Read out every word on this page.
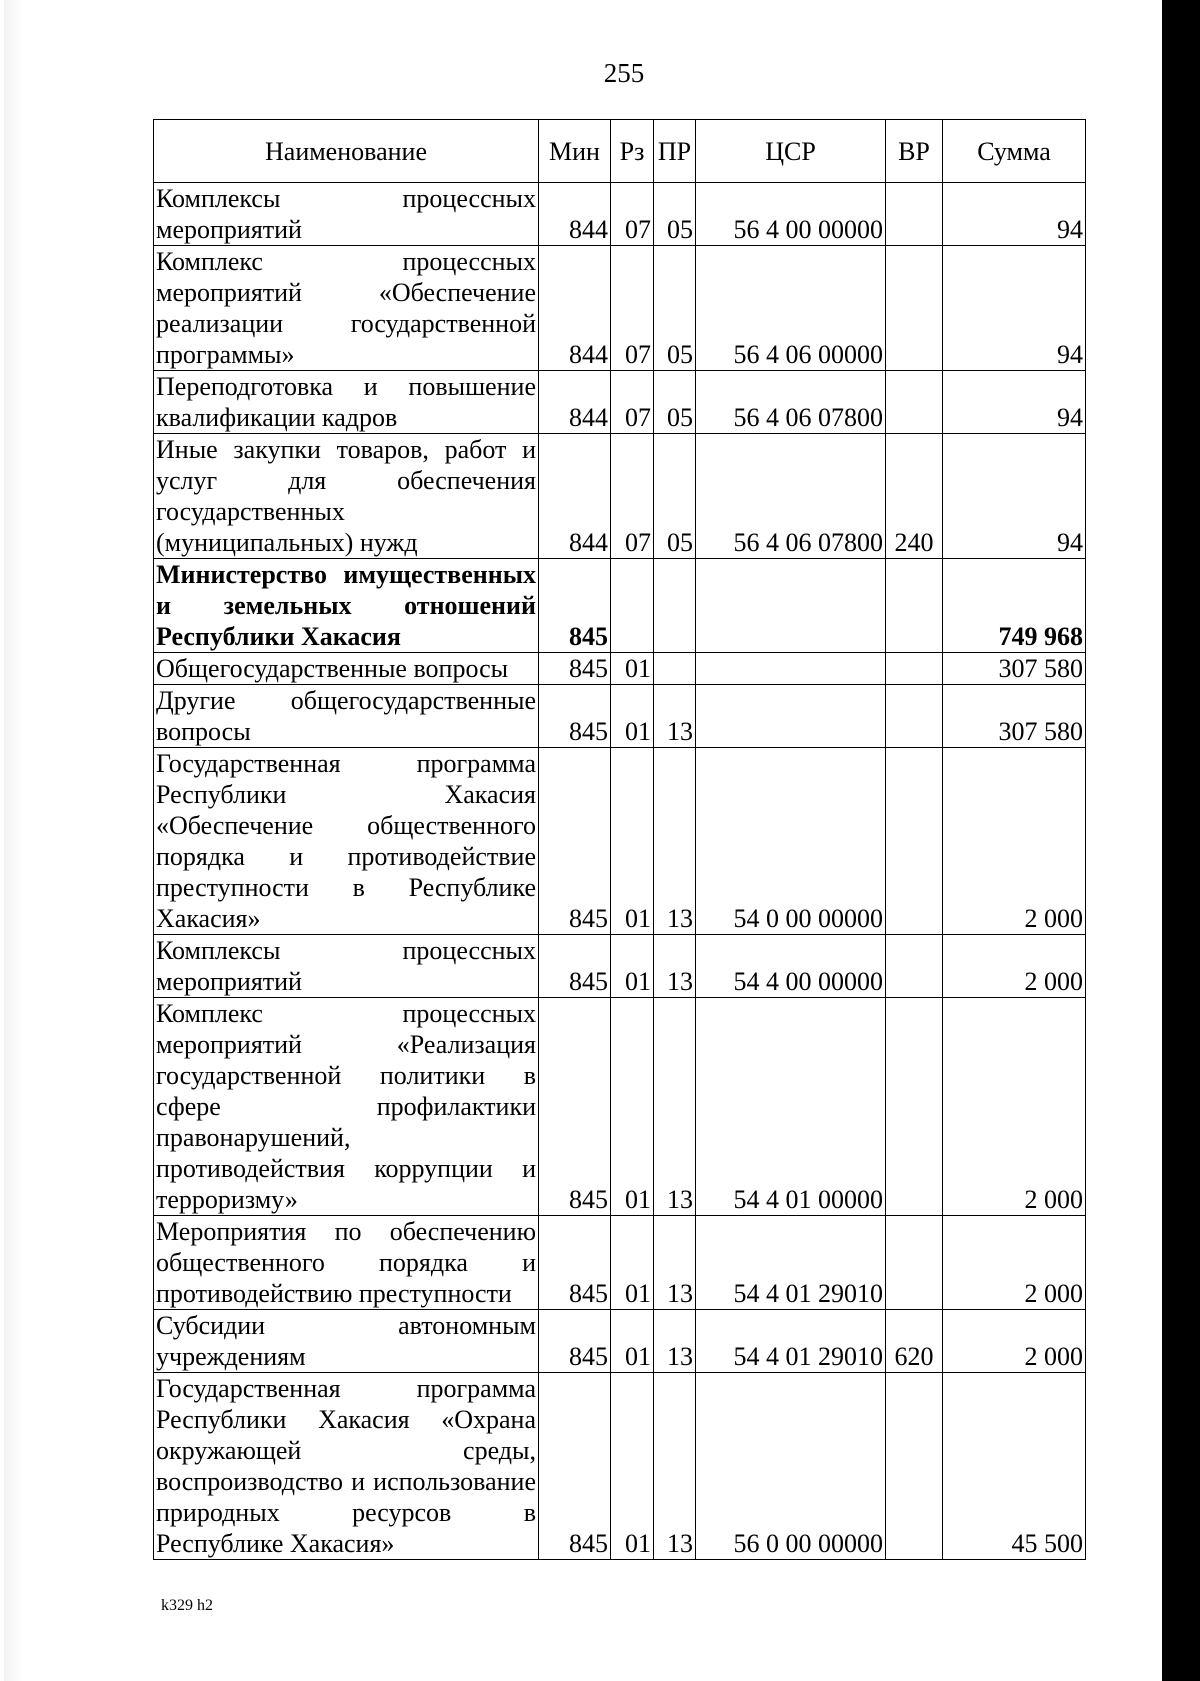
255
Наименование	Мин	Рз	ПР	ЦСР	ВР	Сумма
Комплексы процессных мероприятий	844	07	05	56 4 00 00000		94
Комплекс процессных мероприятий «Обеспечение реализации государственной программы»	844	07	05	56 4 06 00000		94
Переподготовка и повышение квалификации кадров	844	07	05	56 4 06 07800		94
Иные закупки товаров, работ и услуг для обеспечения государственных (муниципальных) нужд	844	07	05	56 4 06 07800	240	94
Министерство имущественных и земельных отношений Республики Хакасия	845					749 968
Общегосударственные вопросы	845	01				307 580
Другие общегосударственные вопросы	845	01	13			307 580
Государственная программа Республики Хакасия «Обеспечение общественного порядка и противодействие преступности в Республике Хакасия»	845	01	13	54 0 00 00000		2 000
Комплексы процессных мероприятий	845	01	13	54 4 00 00000		2 000
Комплекс процессных мероприятий «Реализация государственной политики в сфере профилактики правонарушений, противодействия коррупции и терроризму»	845	01	13	54 4 01 00000		2 000
Мероприятия по обеспечению общественного порядка и противодействию преступности	845	01	13	54 4 01 29010		2 000
Субсидии автономным учреждениям	845	01	13	54 4 01 29010	620	2 000
Государственная программа Республики Хакасия «Охрана окружающей среды, воспроизводство и использование природных ресурсов в Республике Хакасия»	845	01	13	56 0 00 00000		45 500
k329 h2
